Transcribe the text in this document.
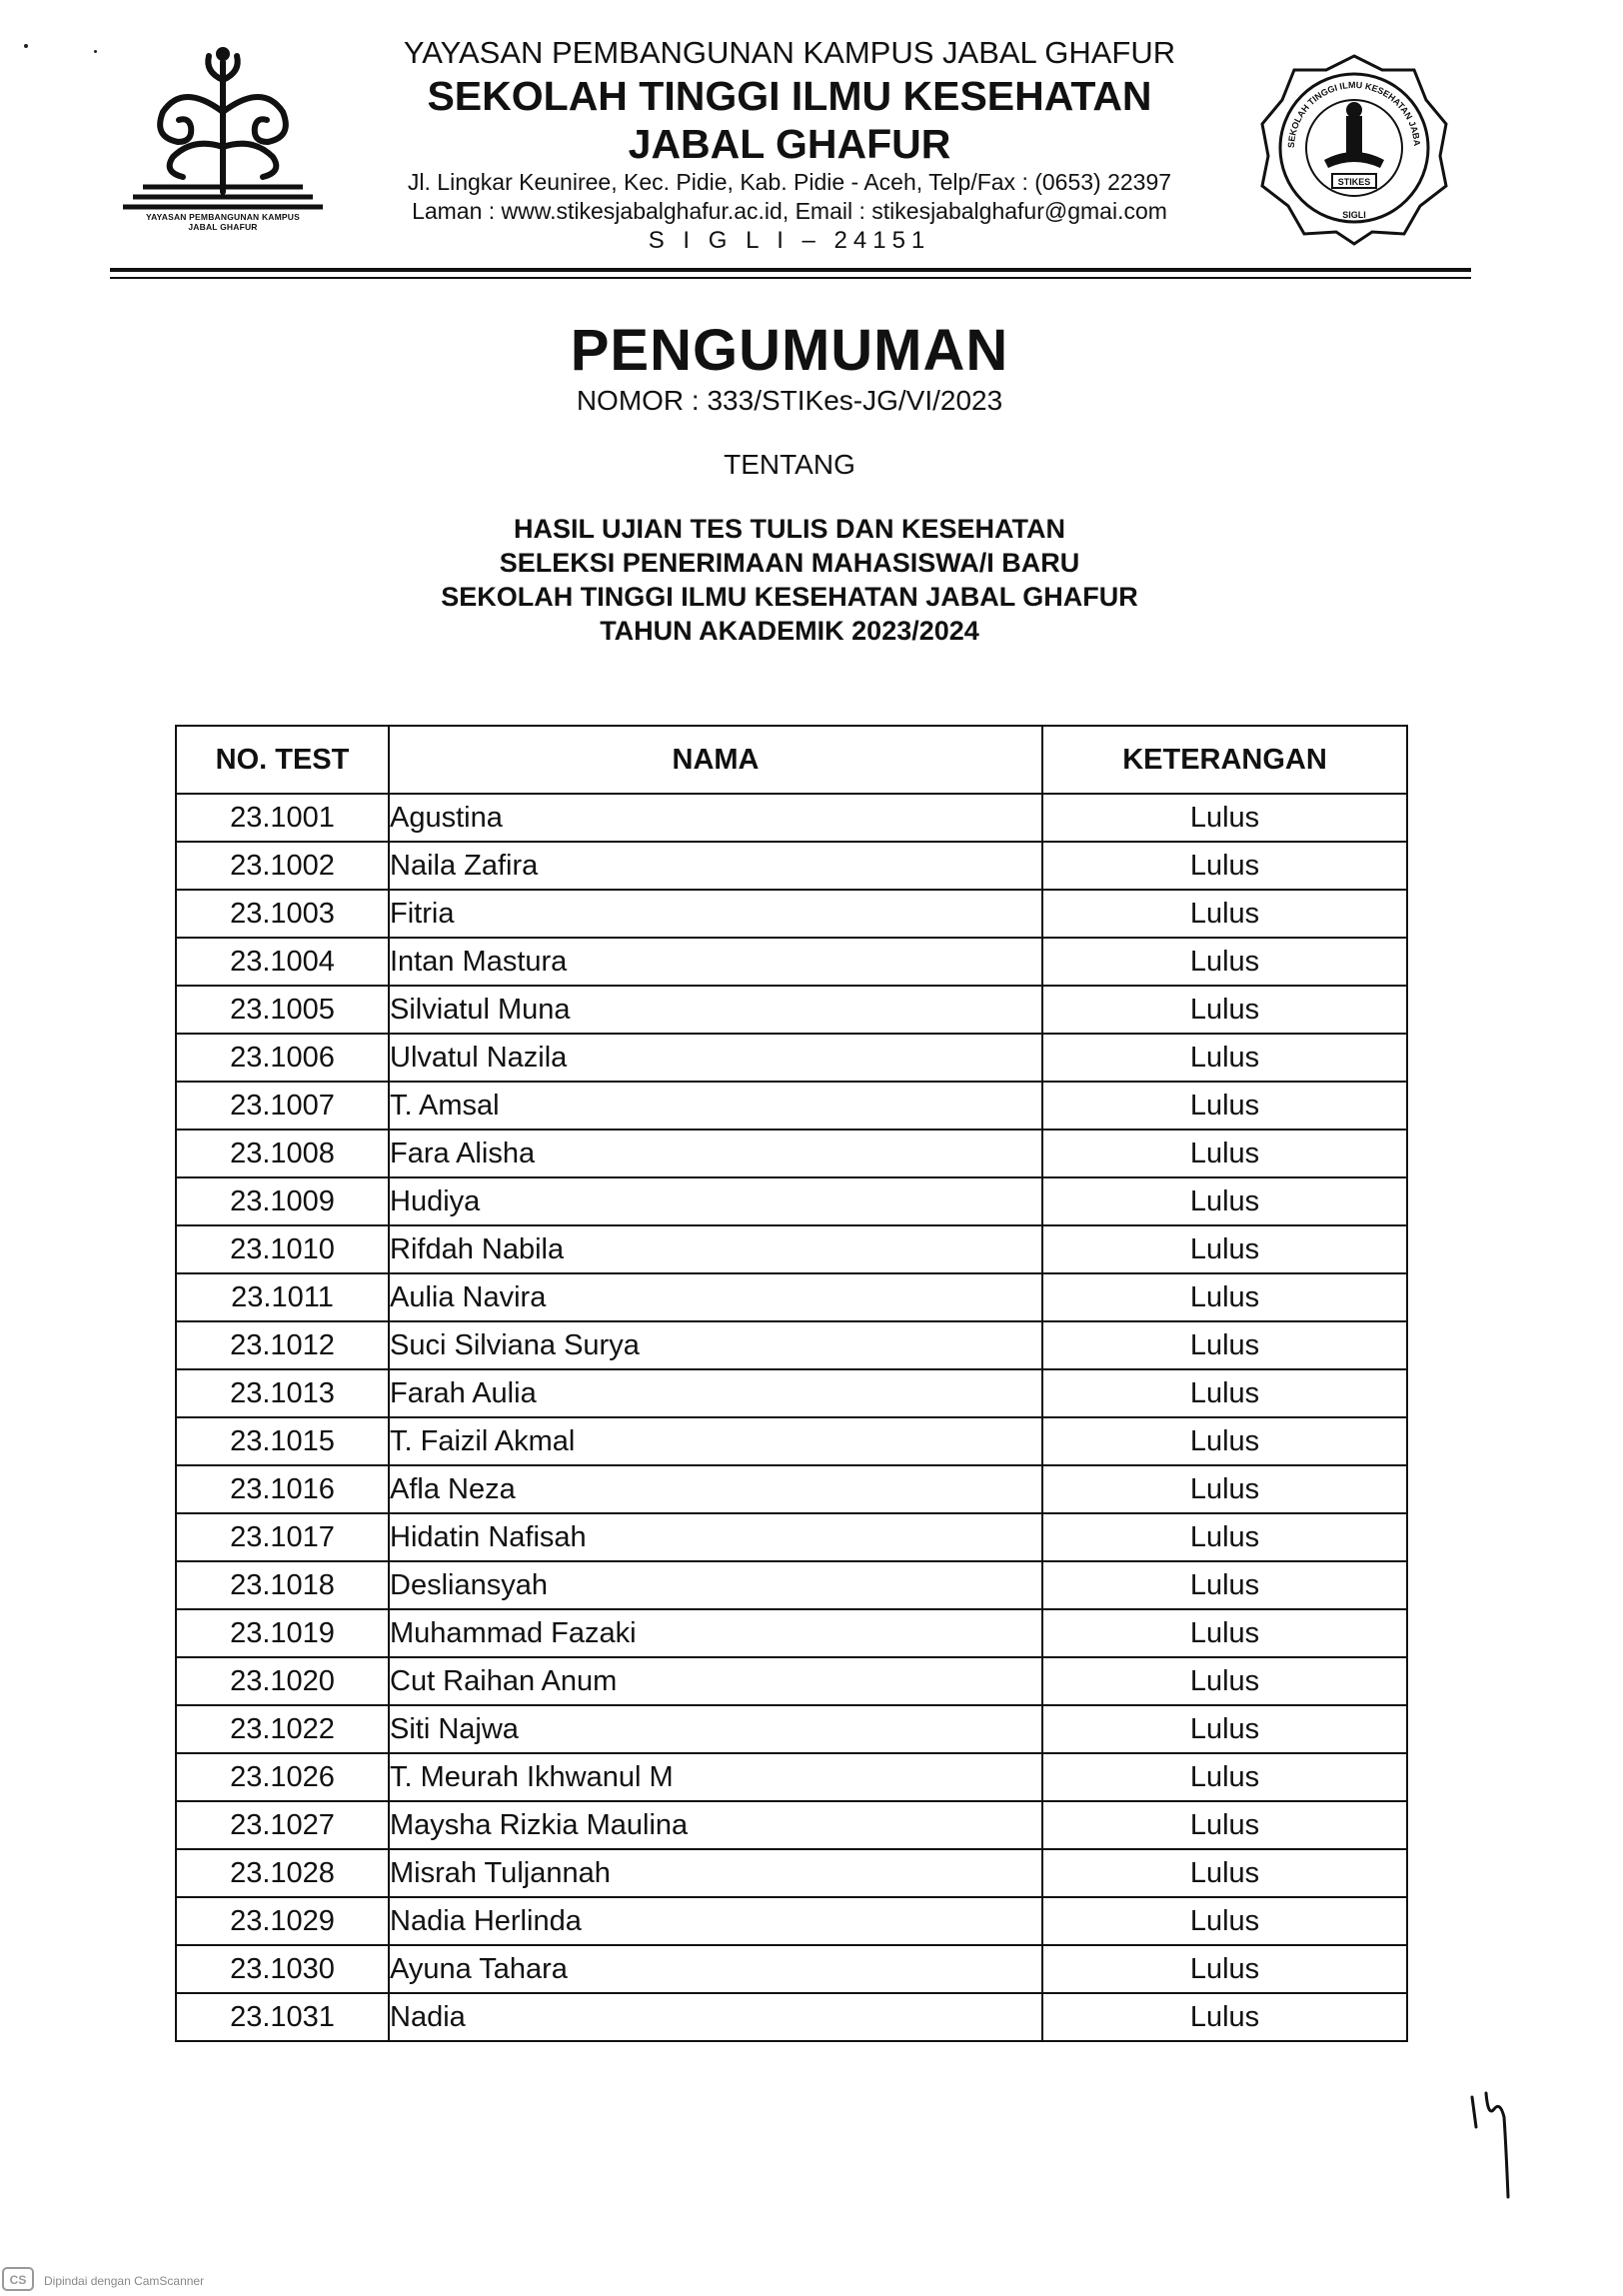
YAYASAN PEMBANGUNAN KAMPUS
JABAL GHAFUR
YAYASAN PEMBANGUNAN KAMPUS JABAL GHAFUR
SEKOLAH TINGGI ILMU KESEHATAN
JABAL GHAFUR
Jl. Lingkar Keuniree, Kec. Pidie, Kab. Pidie - Aceh, Telp/Fax : (0653) 22397
Laman : www.stikesjabalghafur.ac.id, Email : stikesjabalghafur@gmai.com
S I G L I – 24151
SEKOLAH TINGGI ILMU KESEHATAN JABA
STIKES
SIGLI
PENGUMUMAN
NOMOR : 333/STIKes-JG/VI/2023
TENTANG
HASIL UJIAN TES TULIS DAN KESEHATAN
SELEKSI PENERIMAAN MAHASISWA/I BARU
SEKOLAH TINGGI ILMU KESEHATAN JABAL GHAFUR
TAHUN AKADEMIK 2023/2024
NO. TEST	NAMA	KETERANGAN
23.1001	Agustina	Lulus
23.1002	Naila Zafira	Lulus
23.1003	Fitria	Lulus
23.1004	Intan Mastura	Lulus
23.1005	Silviatul Muna	Lulus
23.1006	Ulvatul Nazila	Lulus
23.1007	T. Amsal	Lulus
23.1008	Fara Alisha	Lulus
23.1009	Hudiya	Lulus
23.1010	Rifdah Nabila	Lulus
23.1011	Aulia Navira	Lulus
23.1012	Suci Silviana Surya	Lulus
23.1013	Farah Aulia	Lulus
23.1015	T. Faizil Akmal	Lulus
23.1016	Afla Neza	Lulus
23.1017	Hidatin Nafisah	Lulus
23.1018	Desliansyah	Lulus
23.1019	Muhammad Fazaki	Lulus
23.1020	Cut Raihan Anum	Lulus
23.1022	Siti Najwa	Lulus
23.1026	T. Meurah Ikhwanul M	Lulus
23.1027	Maysha Rizkia Maulina	Lulus
23.1028	Misrah Tuljannah	Lulus
23.1029	Nadia Herlinda	Lulus
23.1030	Ayuna Tahara	Lulus
23.1031	Nadia	Lulus
CS Dipindai dengan CamScanner
